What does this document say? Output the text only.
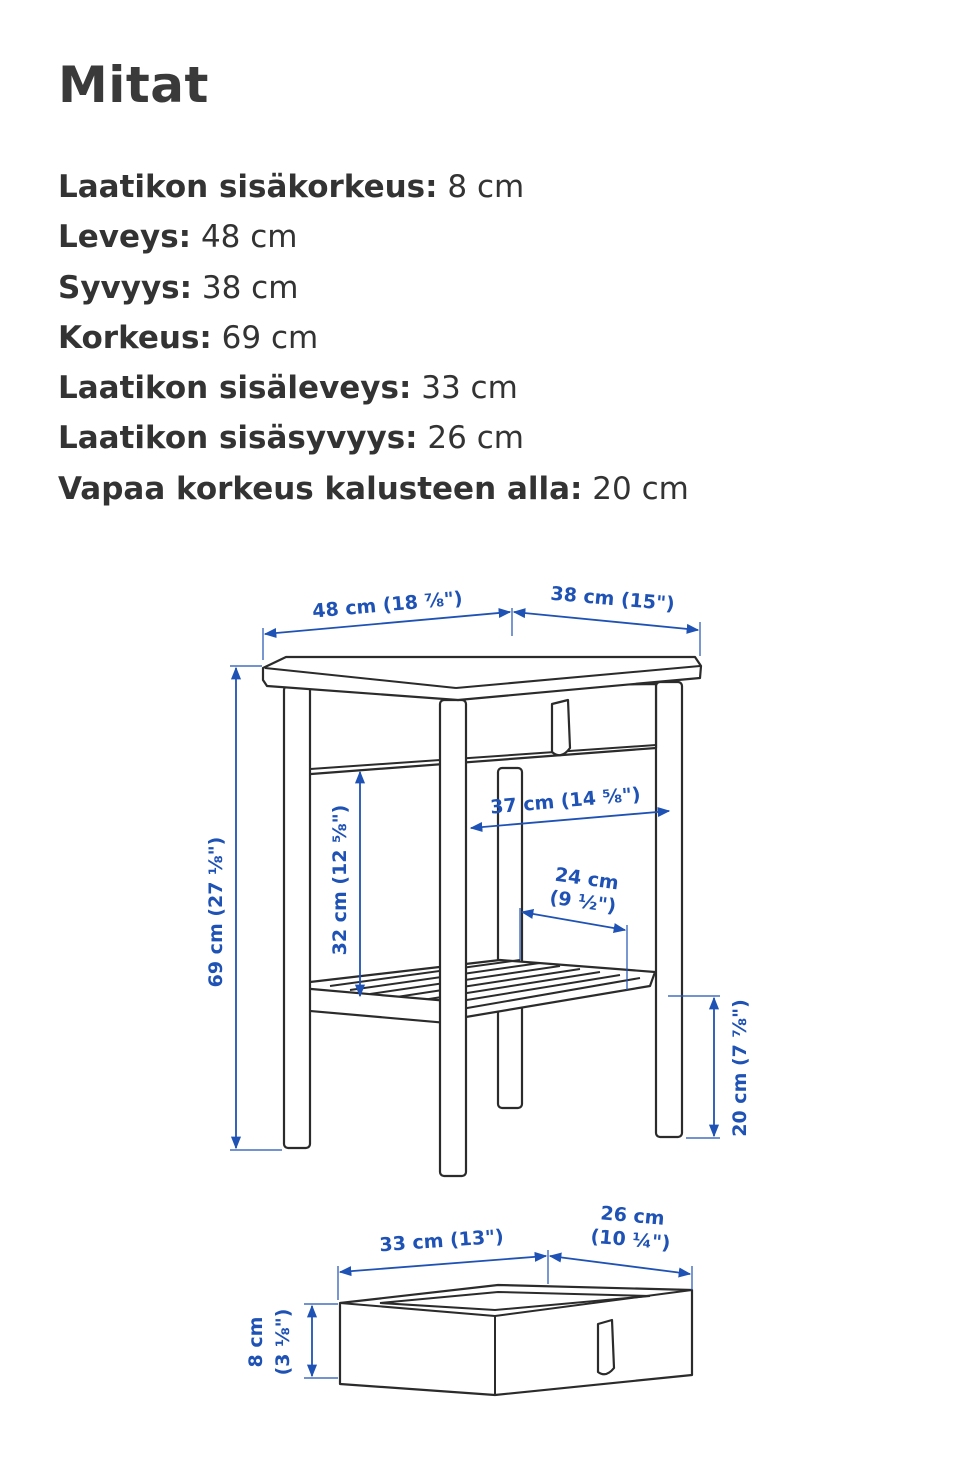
Mitat
Laatikon sisäkorkeus: 8 cm
Leveys: 48 cm
Syvyys: 38 cm
Korkeus: 69 cm
Laatikon sisäleveys: 33 cm
Laatikon sisäsyvyys: 26 cm
Vapaa korkeus kalusteen alla: 20 cm
48 cm (18 ⅞")	38 cm (15")
69 cm (27 ⅛")	32 cm (12 ⅝")
37 cm (14 ⅝")
24 cm
(9 ½")
20 cm (7 ⅞")
33 cm (13")
26 cm
(10 ¼")
8 cm (3 ⅛")
